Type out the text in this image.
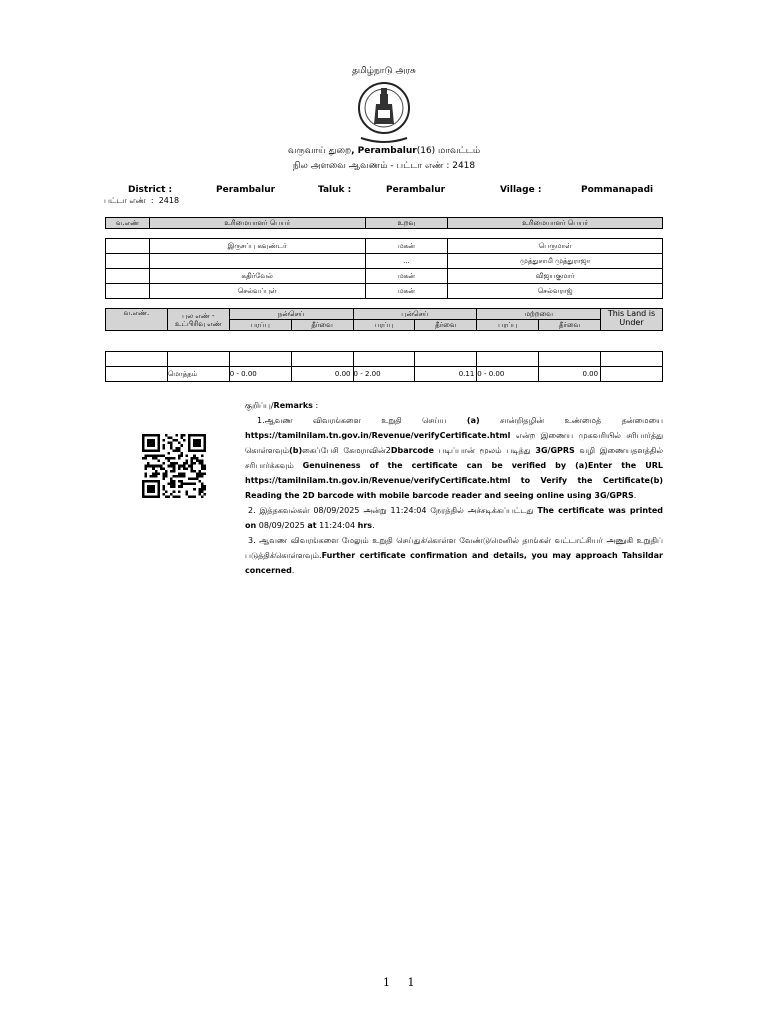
தமிழ்நாடு அரசு
வருவாய் துறை, Perambalur(16) மாவட்டம்
நில அளவை ஆவணம் - பட்டா எண் : 2418
District :	Perambalur	Taluk :	Perambalur	Village :	Pommanapadi
பட்டா எண்  :  2418
வ.எண்	உரிமையாளர் பெயர்	உறவு	உரிமையாளர் பெயர்
	இருசப்பு கவுண்டர்	மகன்	பெருமாள்
		...	முத்துசாமி முத்துராஜா
	கதிர்வேல்	மகன்	விஜயகுமார்
	செல்வப்புள்	மகன்	செல்வராஜ்
வ.எண்.	புல எண் - உட்பிரிவு எண்	நன்செய்		புன்செய்		மற்றவை		This Land is Under
		பரப்பு	தீர்வை	பரப்பு	தீர்வை	பரப்பு	தீர்வை	

	மொத்தம்	0 - 0.00	0.00	0 - 2.00	0.11	0 - 0.00	0.00	

குறிப்பு/Remarks :

1.ஆவண விவரங்களை உறுதி செய்ய (a) சான்றிதழின் உண்மைத் தன்மையை https://tamilnilam.tn.gov.in/Revenue/verifyCertificate.html என்ற இணைய முகவரியில் சரிபார்த்து கொள்ளவும்(b)கைப்பேசி கேமராவின்2Dbarcode படிப்பான் மூலம் படித்து 3G/GPRS வழி இணையதளத்தில் சரிபார்க்கவும் Genuineness of the certificate can be verified by (a)Enter the URL https://tamilnilam.tn.gov.in/Revenue/verifyCertificate.html to Verify the Certificate(b) Reading the 2D barcode with mobile barcode reader and seeing online using 3G/GPRS.

2. இத்தகவல்கள் 08/09/2025 அன்று 11:24:04 நேரத்தில் அச்சடிக்கப்பட்டது The certificate was printed on 08/09/2025 at 11:24:04 hrs.

3. ஆவண விவரங்களை மேலும் உறுதி செய்துக்கொள்ள வேண்டுமெனில் தாங்கள் வட்டாட்சியர் அணுகி உறுதிப் படுத்திக்கொள்ளவும்.Further certificate confirmation and details, you may approach Tahsildar concerned.

1 1
